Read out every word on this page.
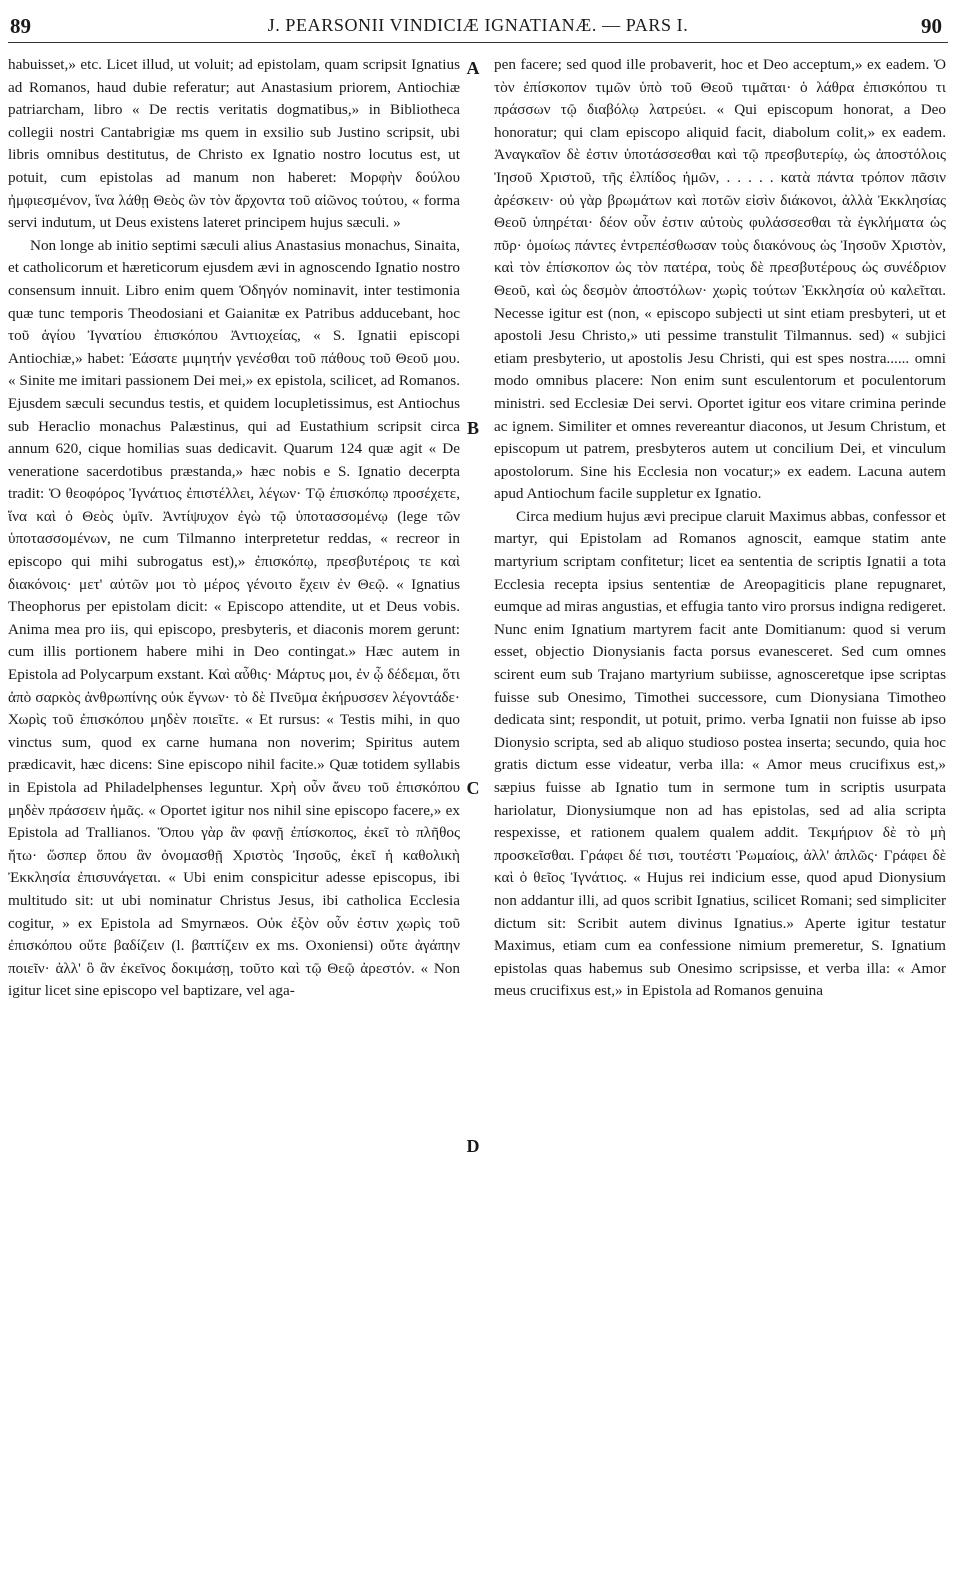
89	J. PEARSONII VINDICIÆ IGNATIANÆ. — PARS I.	90

habuisset,» etc. Licet illud, ut voluit; ad epistolam, quam scripsit Ignatius ad Romanos, haud dubie referatur; aut Anastasium priorem, Antiochiæ patriarcham, libro « De rectis veritatis dogmatibus,» in Bibliotheca collegii nostri Cantabrigiæ ms quem in exsilio sub Justino scripsit, ubi libris omnibus destitutus, de Christo ex Ignatio nostro locutus est, ut potuit, cum epistolas ad manum non haberet: Μορφὴν δούλου ἠμφιεσμένον, ἵνα λάθῃ Θεὸς ὢν τὸν ἄρχοντα τοῦ αἰῶνος τούτου, « forma servi indutum, ut Deus existens lateret principem hujus sæculi. »

Non longe ab initio septimi sæculi alius Anastasius monachus, Sinaita, et catholicorum et hæreticorum ejusdem ævi in agnoscendo Ignatio nostro consensum innuit. Libro enim quem Ὁδηγόν nominavit, inter testimonia quæ tunc temporis Theodosiani et Gaianitæ ex Patribus adducebant, hoc τοῦ ἁγίου Ἰγνατίου ἐπισκόπου Ἀντιοχείας, « S. Ignatii episcopi Antiochiæ,» habet: Ἐάσατε μιμητήν γενέσθαι τοῦ πάθους τοῦ Θεοῦ μου. « Sinite me imitari passionem Dei mei,» ex epistola, scilicet, ad Romanos. Ejusdem sæculi secundus testis, et quidem locupletissimus, est Antiochus sub Heraclio monachus Palæstinus, qui ad Eustathium scripsit circa annum 620, cique homilias suas dedicavit. Quarum 124 quæ agit « De veneratione sacerdotibus præstanda,» hæc nobis e S. Ignatio decerpta tradit: Ὁ θεοφόρος Ἰγνάτιος ἐπιστέλλει, λέγων· Τῷ ἐπισκόπῳ προσέχετε, ἵνα καὶ ὁ Θεὸς ὑμῖν. Ἀντίψυχον ἐγὼ τῷ ὑποτασσομένῳ (lege τῶν ὑποτασσομένων, ne cum Tilmanno interpretetur reddas, « recreor in episcopo qui mihi subrogatus est),» ἐπισκόπῳ, πρεσβυτέροις τε καὶ διακόνοις· μετ' αὐτῶν μοι τὸ μέρος γένοιτο ἔχειν ἐν Θεῷ. « Ignatius Theophorus per epistolam dicit: « Episcopo attendite, ut et Deus vobis. Anima mea pro iis, qui episcopo, presbyteris, et diaconis morem gerunt: cum illis portionem habere mihi in Deo contingat.» Hæc autem in Epistola ad Polycarpum exstant. Καὶ αὖθις· Μάρτυς μοι, ἐν ᾧ δέδεμαι, ὅτι ἀπὸ σαρκὸς ἀνθρωπίνης οὐκ ἔγνων· τὸ δὲ Πνεῦμα ἐκήρυσσεν λέγοντάδε· Χωρὶς τοῦ ἐπισκόπου μηδὲν ποιεῖτε. « Et rursus: « Testis mihi, in quo vinctus sum, quod ex carne humana non noverim; Spiritus autem prædicavit, hæc dicens: Sine episcopo nihil facite.» Quæ totidem syllabis in Epistola ad Philadelphenses leguntur. Χρὴ οὖν ἄνευ τοῦ ἐπισκόπου μηδὲν πράσσειν ἡμᾶς. « Oportet igitur nos nihil sine episcopo facere,» ex Epistola ad Trallianos. Ὅπου γὰρ ἂν φανῇ ἐπίσκοπος, ἐκεῖ τὸ πλῆθος ἤτω· ὥσπερ ὅπου ἂν ὀνομασθῇ Χριστὸς Ἰησοῦς, ἐκεῖ ἡ καθολικὴ Ἐκκλησία ἐπισυνάγεται. « Ubi enim conspicitur adesse episcopus, ibi multitudo sit: ut ubi nominatur Christus Jesus, ibi catholica Ecclesia cogitur, » ex Epistola ad Smyrnæos. Οὐκ ἐξὸν οὖν ἐστιν χωρὶς τοῦ ἐπισκόπου οὔτε βαδίζειν (l. βαπτίζειν ex ms. Oxoniensi) οὔτε ἀγάπην ποιεῖν· ἀλλ' ὃ ἂν ἐκεῖνος δοκιμάσῃ, τοῦτο καὶ τῷ Θεῷ ἀρεστόν. « Non igitur licet sine episcopo vel baptizare, vel aga-

A
B
C
D

pen facere; sed quod ille probaverit, hoc et Deo acceptum,» ex eadem. Ὁ τὸν ἐπίσκοπον τιμῶν ὑπὸ τοῦ Θεοῦ τιμᾶται· ὁ λάθρα ἐπισκόπου τι πράσσων τῷ διαβόλῳ λατρεύει. « Qui episcopum honorat, a Deo honoratur; qui clam episcopo aliquid facit, diabolum colit,» ex eadem. Ἀναγκαῖον δὲ ἐστιν ὑποτάσσεσθαι καὶ τῷ πρεσβυτερίῳ, ὡς ἀποστόλοις Ἰησοῦ Χριστοῦ, τῆς ἐλπίδος ἡμῶν, . . . . . κατὰ πάντα τρόπον πᾶσιν ἀρέσκειν· οὐ γὰρ βρωμάτων καὶ ποτῶν εἰσὶν διάκονοι, ἀλλὰ Ἐκκλησίας Θεοῦ ὑπηρέται· δέον οὖν ἐστιν αὐτοὺς φυλάσσεσθαι τὰ ἐγκλήματα ὡς πῦρ· ὁμοίως πάντες ἐντρεπέσθωσαν τοὺς διακόνους ὡς Ἰησοῦν Χριστὸν, καὶ τὸν ἐπίσκοπον ὡς τὸν πατέρα, τοὺς δὲ πρεσβυτέρους ὡς συνέδριον Θεοῦ, καὶ ὡς δεσμὸν ἀποστόλων· χωρὶς τούτων Ἐκκλησία οὐ καλεῖται. Necesse igitur est (non, « episcopo subjecti ut sint etiam presbyteri, ut et apostoli Jesu Christo,» uti pessime transtulit Tilmannus. sed) « subjici etiam presbyterio, ut apostolis Jesu Christi, qui est spes nostra...... omni modo omnibus placere: Non enim sunt esculentorum et poculentorum ministri. sed Ecclesiæ Dei servi. Oportet igitur eos vitare crimina perinde ac ignem. Similiter et omnes revereantur diaconos, ut Jesum Christum, et episcopum ut patrem, presbyteros autem ut concilium Dei, et vinculum apostolorum. Sine his Ecclesia non vocatur;» ex eadem. Lacuna autem apud Antiochum facile suppletur ex Ignatio.

Circa medium hujus ævi precipue claruit Maximus abbas, confessor et martyr, qui Epistolam ad Romanos agnoscit, eamque statim ante martyrium scriptam confitetur; licet ea sententia de scriptis Ignatii a tota Ecclesia recepta ipsius sententiæ de Areopagiticis plane repugnaret, eumque ad miras angustias, et effugia tanto viro prorsus indigna redigeret. Nunc enim Ignatium martyrem facit ante Domitianum: quod si verum esset, objectio Dionysianis facta porsus evanesceret. Sed cum omnes scirent eum sub Trajano martyrium subiisse, agnosceretque ipse scriptas fuisse sub Onesimo, Timothei successore, cum Dionysiana Timotheo dedicata sint; respondit, ut potuit, primo. verba Ignatii non fuisse ab ipso Dionysio scripta, sed ab aliquo studioso postea inserta; secundo, quia hoc gratis dictum esse videatur, verba illa: « Amor meus crucifixus est,» sæpius fuisse ab Ignatio tum in sermone tum in scriptis usurpata hariolatur, Dionysiumque non ad has epistolas, sed ad alia scripta respexisse, et rationem qualem qualem addit. Τεκμήριον δὲ τὸ μὴ προσκεῖσθαι. Γράφει δέ τισι, τουτέστι Ῥωμαίοις, ἀλλ' ἁπλῶς· Γράφει δὲ καὶ ὁ θεῖος Ἰγνάτιος. « Hujus rei indicium esse, quod apud Dionysium non addantur illi, ad quos scribit Ignatius, scilicet Romani; sed simpliciter dictum sit: Scribit autem divinus Ignatius.» Aperte igitur testatur Maximus, etiam cum ea confessione nimium premeretur, S. Ignatium epistolas quas habemus sub Onesimo scripsisse, et verba illa: « Amor meus crucifixus est,» in Epistola ad Romanos genuina
